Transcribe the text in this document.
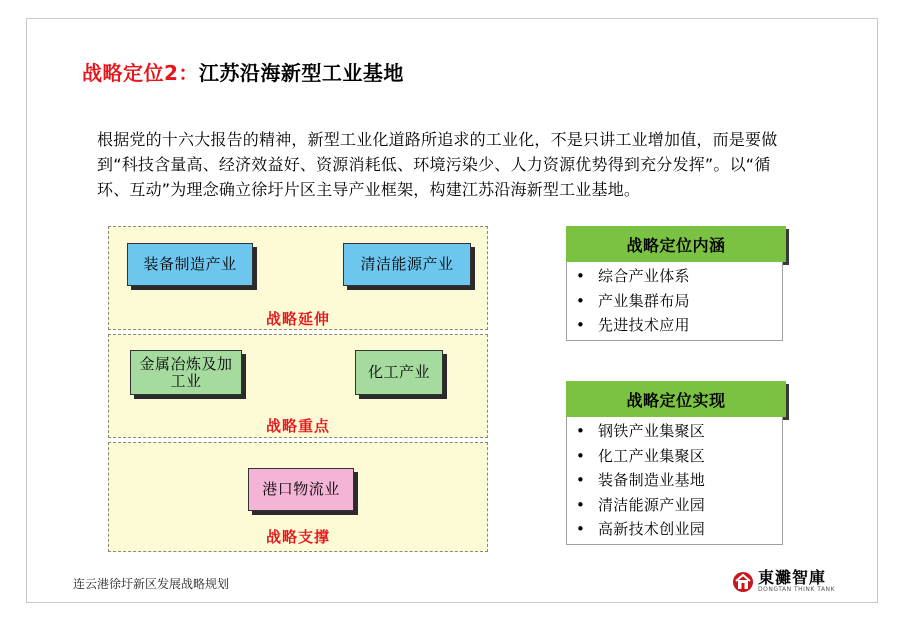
战略定位2：江苏沿海新型工业基地
根据党的十六大报告的精神，新型工业化道路所追求的工业化，不是只讲工业增加值，而是要做到“科技含量高、经济效益好、资源消耗低、环境污染少、人力资源优势得到充分发挥”。以“循环、互动”为理念确立徐圩片区主导产业框架，构建江苏沿海新型工业基地。
装备制造产业	清洁能源产业
战略延伸
金属冶炼及加
工业	化工产业
战略重点
港口物流业
战略支撑
战略定位内涵
• 综合产业体系
• 产业集群布局
• 先进技术应用
战略定位实现
• 钢铁产业集聚区
• 化工产业集聚区
• 装备制造业基地
• 清洁能源产业园
• 高新技术创业园
连云港徐圩新区发展战略规划	東灘智庫
DONGTAN THINK TANK
